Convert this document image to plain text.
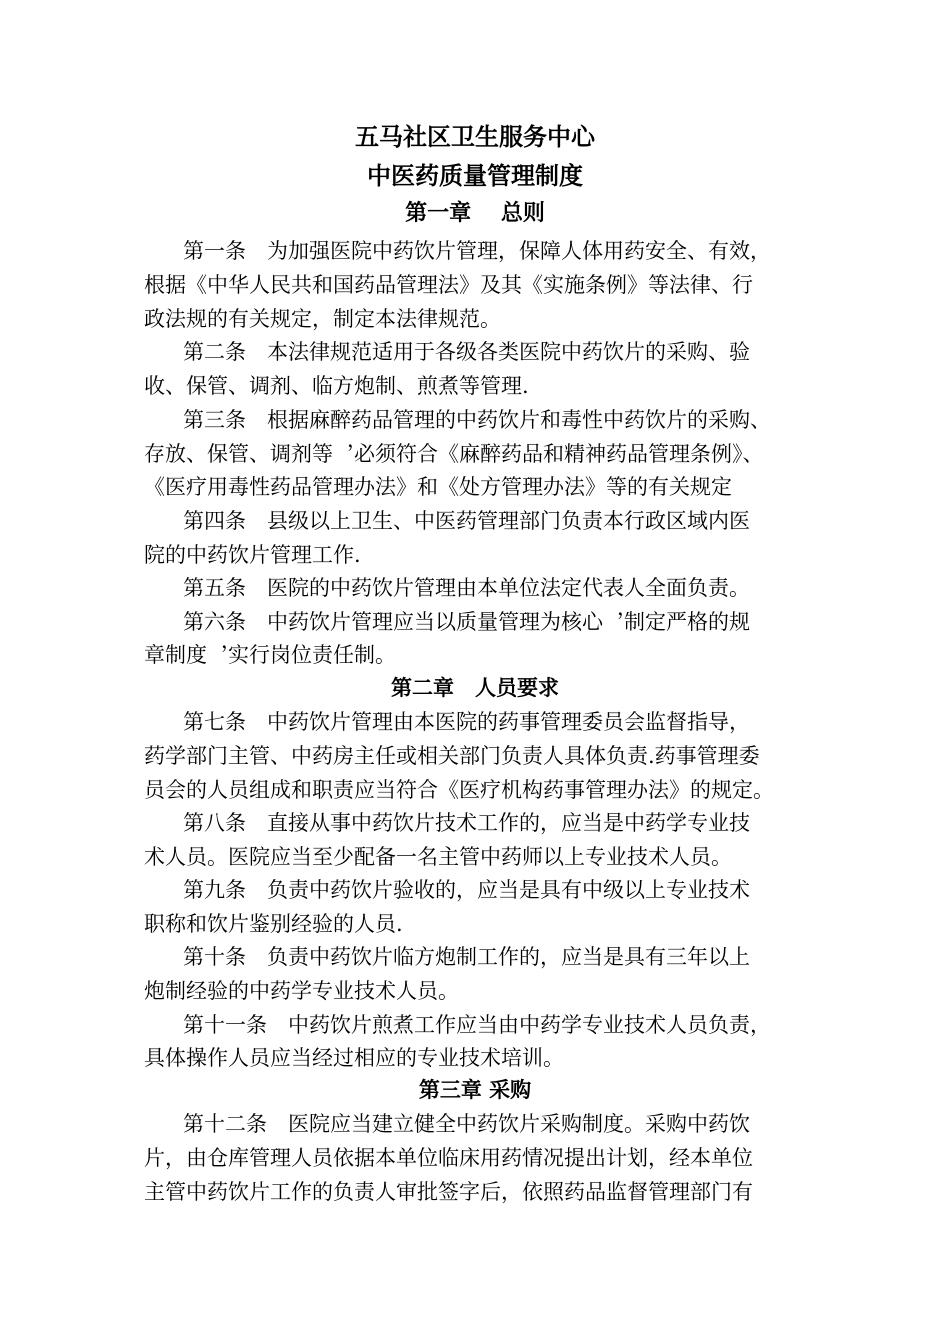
五马社区卫生服务中心
中医药质量管理制度
第一章　 总则
第一条　为加强医院中药饮片管理，保障人体用药安全、有效，
根据《中华人民共和国药品管理法》及其《实施条例》等法律、行
政法规的有关规定，制定本法律规范。
第二条　本法律规范适用于各级各类医院中药饮片的采购、验
收、保管、调剂、临方炮制、煎煮等管理.
第三条　根据麻醉药品管理的中药饮片和毒性中药饮片的采购、
存放、保管、调剂等︐必须符合《麻醉药品和精神药品管理条例》、
《医疗用毒性药品管理办法》和《处方管理办法》等的有关规定
第四条　县级以上卫生、中医药管理部门负责本行政区域内医
院的中药饮片管理工作.
第五条　医院的中药饮片管理由本单位法定代表人全面负责。
第六条　中药饮片管理应当以质量管理为核心︐制定严格的规
章制度︐实行岗位责任制。
第二章　人员要求
第七条　中药饮片管理由本医院的药事管理委员会监督指导，
药学部门主管、中药房主任或相关部门负责人具体负责.药事管理委
员会的人员组成和职责应当符合《医疗机构药事管理办法》的规定。
第八条　直接从事中药饮片技术工作的，应当是中药学专业技
术人员。医院应当至少配备一名主管中药师以上专业技术人员。
第九条　负责中药饮片验收的，应当是具有中级以上专业技术
职称和饮片鉴别经验的人员.
第十条　负责中药饮片临方炮制工作的，应当是具有三年以上
炮制经验的中药学专业技术人员。
第十一条　中药饮片煎煮工作应当由中药学专业技术人员负责，
具体操作人员应当经过相应的专业技术培训。
第三章 采购
第十二条　医院应当建立健全中药饮片采购制度。采购中药饮
片，由仓库管理人员依据本单位临床用药情况提出计划，经本单位
主管中药饮片工作的负责人审批签字后，依照药品监督管理部门有
